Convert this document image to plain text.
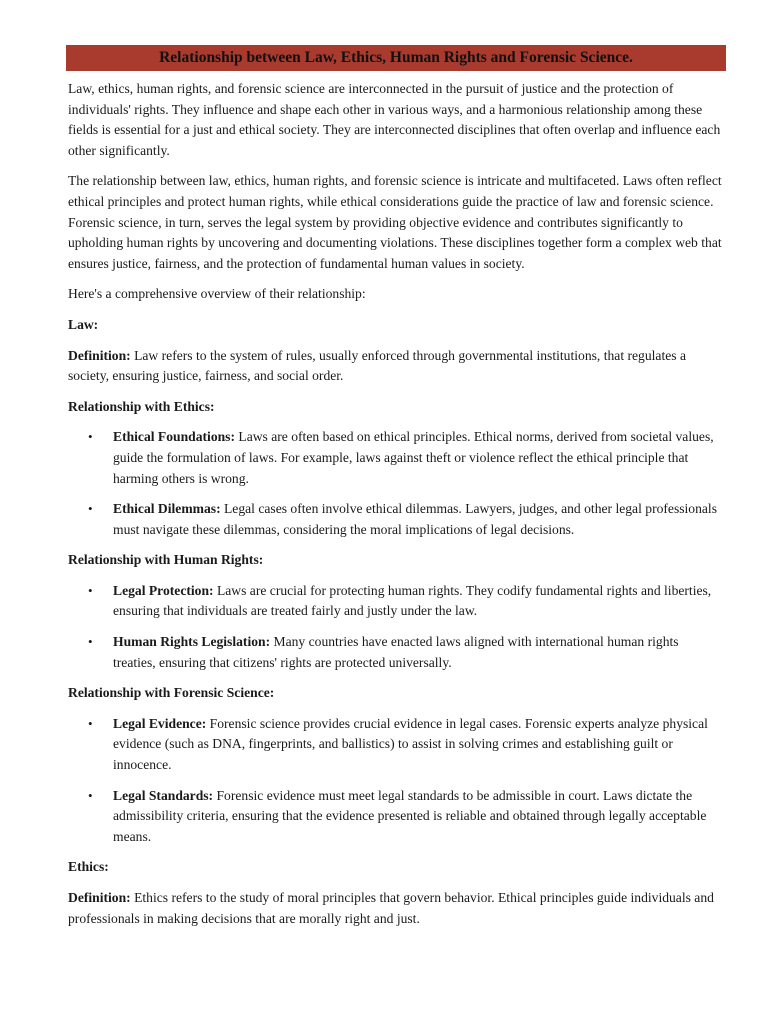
Relationship between Law, Ethics, Human Rights and Forensic Science.

Law, ethics, human rights, and forensic science are interconnected in the pursuit of justice and the protection of individuals' rights. They influence and shape each other in various ways, and a harmonious relationship among these fields is essential for a just and ethical society. They are interconnected disciplines that often overlap and influence each other significantly.

The relationship between law, ethics, human rights, and forensic science is intricate and multifaceted. Laws often reflect ethical principles and protect human rights, while ethical considerations guide the practice of law and forensic science. Forensic science, in turn, serves the legal system by providing objective evidence and contributes significantly to upholding human rights by uncovering and documenting violations. These disciplines together form a complex web that ensures justice, fairness, and the protection of fundamental human values in society.

Here's a comprehensive overview of their relationship:

Law:

Definition: Law refers to the system of rules, usually enforced through governmental institutions, that regulates a society, ensuring justice, fairness, and social order.

Relationship with Ethics:

• Ethical Foundations: Laws are often based on ethical principles. Ethical norms, derived from societal values, guide the formulation of laws. For example, laws against theft or violence reflect the ethical principle that harming others is wrong.
• Ethical Dilemmas: Legal cases often involve ethical dilemmas. Lawyers, judges, and other legal professionals must navigate these dilemmas, considering the moral implications of legal decisions.

Relationship with Human Rights:

• Legal Protection: Laws are crucial for protecting human rights. They codify fundamental rights and liberties, ensuring that individuals are treated fairly and justly under the law.
• Human Rights Legislation: Many countries have enacted laws aligned with international human rights treaties, ensuring that citizens' rights are protected universally.

Relationship with Forensic Science:

• Legal Evidence: Forensic science provides crucial evidence in legal cases. Forensic experts analyze physical evidence (such as DNA, fingerprints, and ballistics) to assist in solving crimes and establishing guilt or innocence.
• Legal Standards: Forensic evidence must meet legal standards to be admissible in court. Laws dictate the admissibility criteria, ensuring that the evidence presented is reliable and obtained through legally acceptable means.

Ethics:

Definition: Ethics refers to the study of moral principles that govern behavior. Ethical principles guide individuals and professionals in making decisions that are morally right and just.
